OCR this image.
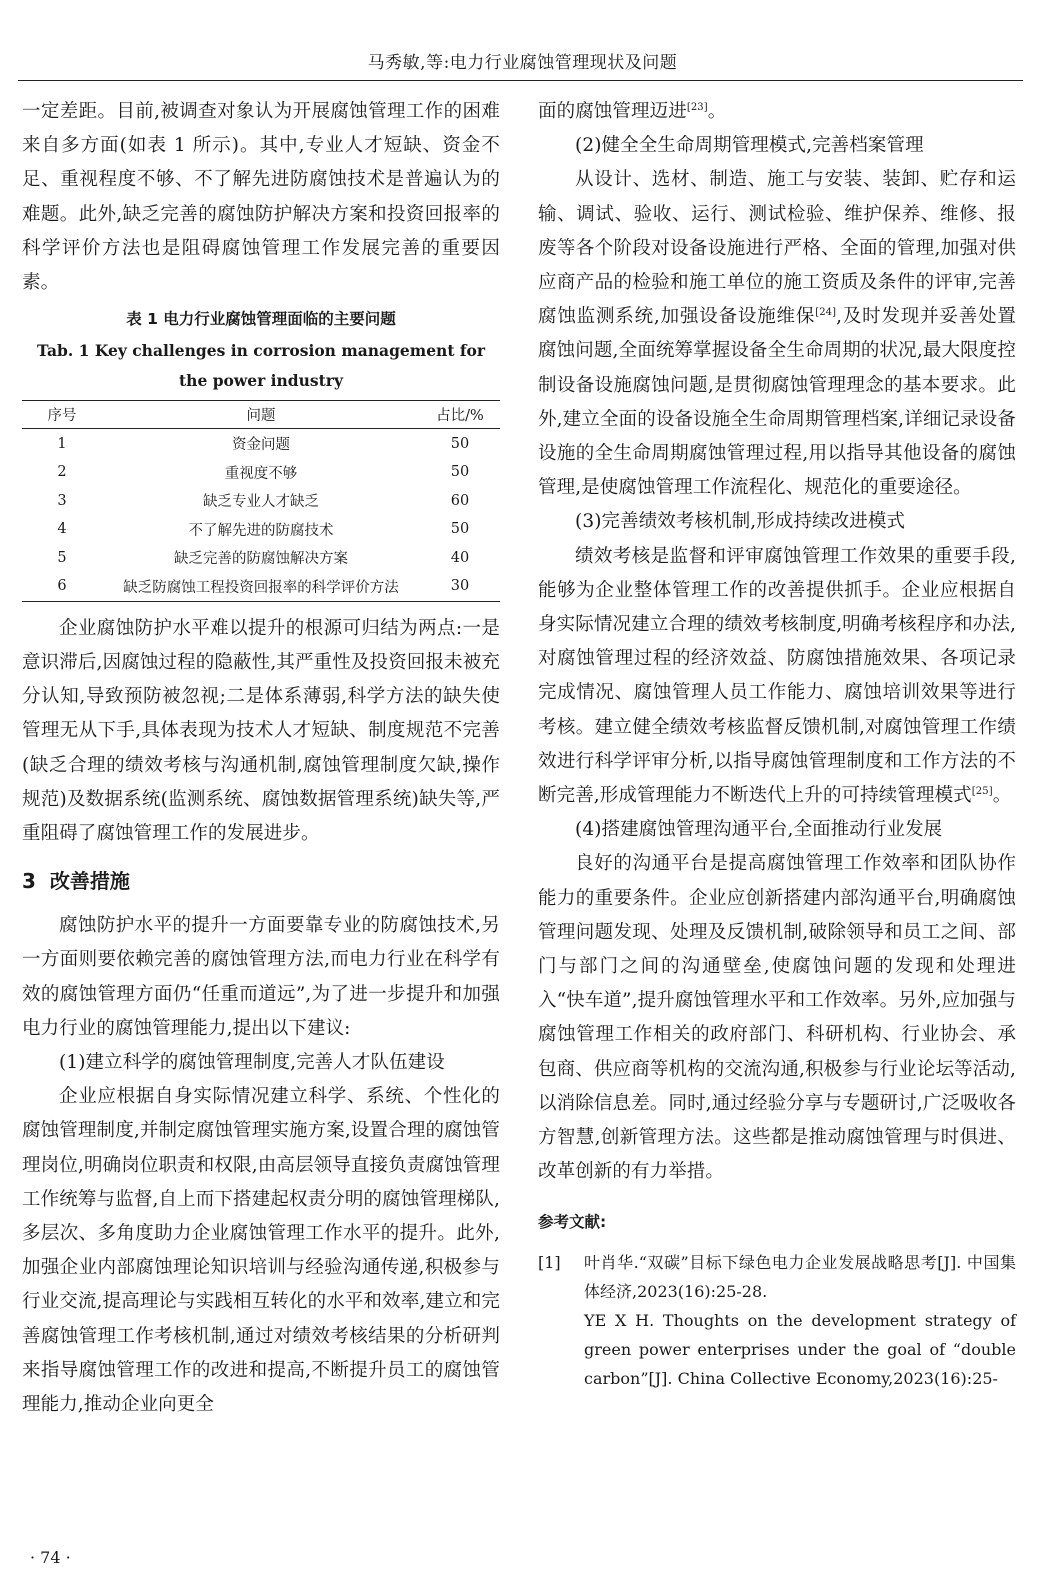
马秀敏,等:电力行业腐蚀管理现状及问题

一定差距。目前,被调查对象认为开展腐蚀管理工作的困难来自多方面(如表 1 所示)。其中,专业人才短缺、资金不足、重视程度不够、不了解先进防腐蚀技术是普遍认为的难题。此外,缺乏完善的腐蚀防护解决方案和投资回报率的科学评价方法也是阻碍腐蚀管理工作发展完善的重要因素。

表 1 电力行业腐蚀管理面临的主要问题
Tab. 1 Key challenges in corrosion management for the power industry
序号	问题	占比/%
1	资金问题	50
2	重视度不够	50
3	缺乏专业人才缺乏	60
4	不了解先进的防腐技术	50
5	缺乏完善的防腐蚀解决方案	40
6	缺乏防腐蚀工程投资回报率的科学评价方法	30

企业腐蚀防护水平难以提升的根源可归结为两点:一是意识滞后,因腐蚀过程的隐蔽性,其严重性及投资回报未被充分认知,导致预防被忽视;二是体系薄弱,科学方法的缺失使管理无从下手,具体表现为技术人才短缺、制度规范不完善(缺乏合理的绩效考核与沟通机制,腐蚀管理制度欠缺,操作规范)及数据系统(监测系统、腐蚀数据管理系统)缺失等,严重阻碍了腐蚀管理工作的发展进步。

3 改善措施

腐蚀防护水平的提升一方面要靠专业的防腐蚀技术,另一方面则要依赖完善的腐蚀管理方法,而电力行业在科学有效的腐蚀管理方面仍“任重而道远”,为了进一步提升和加强电力行业的腐蚀管理能力,提出以下建议:

(1)建立科学的腐蚀管理制度,完善人才队伍建设

企业应根据自身实际情况建立科学、系统、个性化的腐蚀管理制度,并制定腐蚀管理实施方案,设置合理的腐蚀管理岗位,明确岗位职责和权限,由高层领导直接负责腐蚀管理工作统筹与监督,自上而下搭建起权责分明的腐蚀管理梯队,多层次、多角度助力企业腐蚀管理工作水平的提升。此外,加强企业内部腐蚀理论知识培训与经验沟通传递,积极参与行业交流,提高理论与实践相互转化的水平和效率,建立和完善腐蚀管理工作考核机制,通过对绩效考核结果的分析研判来指导腐蚀管理工作的改进和提高,不断提升员工的腐蚀管理能力,推动企业向更全

面的腐蚀管理迈进[23]。

(2)健全全生命周期管理模式,完善档案管理

从设计、选材、制造、施工与安装、装卸、贮存和运输、调试、验收、运行、测试检验、维护保养、维修、报废等各个阶段对设备设施进行严格、全面的管理,加强对供应商产品的检验和施工单位的施工资质及条件的评审,完善腐蚀监测系统,加强设备设施维保[24],及时发现并妥善处置腐蚀问题,全面统筹掌握设备全生命周期的状况,最大限度控制设备设施腐蚀问题,是贯彻腐蚀管理理念的基本要求。此外,建立全面的设备设施全生命周期管理档案,详细记录设备设施的全生命周期腐蚀管理过程,用以指导其他设备的腐蚀管理,是使腐蚀管理工作流程化、规范化的重要途径。

(3)完善绩效考核机制,形成持续改进模式

绩效考核是监督和评审腐蚀管理工作效果的重要手段,能够为企业整体管理工作的改善提供抓手。企业应根据自身实际情况建立合理的绩效考核制度,明确考核程序和办法,对腐蚀管理过程的经济效益、防腐蚀措施效果、各项记录完成情况、腐蚀管理人员工作能力、腐蚀培训效果等进行考核。建立健全绩效考核监督反馈机制,对腐蚀管理工作绩效进行科学评审分析,以指导腐蚀管理制度和工作方法的不断完善,形成管理能力不断迭代上升的可持续管理模式[25]。

(4)搭建腐蚀管理沟通平台,全面推动行业发展

良好的沟通平台是提高腐蚀管理工作效率和团队协作能力的重要条件。企业应创新搭建内部沟通平台,明确腐蚀管理问题发现、处理及反馈机制,破除领导和员工之间、部门与部门之间的沟通壁垒,使腐蚀问题的发现和处理进入“快车道”,提升腐蚀管理水平和工作效率。另外,应加强与腐蚀管理工作相关的政府部门、科研机构、行业协会、承包商、供应商等机构的交流沟通,积极参与行业论坛等活动,以消除信息差。同时,通过经验分享与专题研讨,广泛吸收各方智慧,创新管理方法。这些都是推动腐蚀管理与时俱进、改革创新的有力举措。

参考文献:
[1] 叶肖华.“双碳”目标下绿色电力企业发展战略思考[J]. 中国集体经济,2023(16):25-28.

YE X H. Thoughts on the development strategy of green power enterprises under the goal of “double carbon”[J]. China Collective Economy,2023(16):25-

· 74 ·
